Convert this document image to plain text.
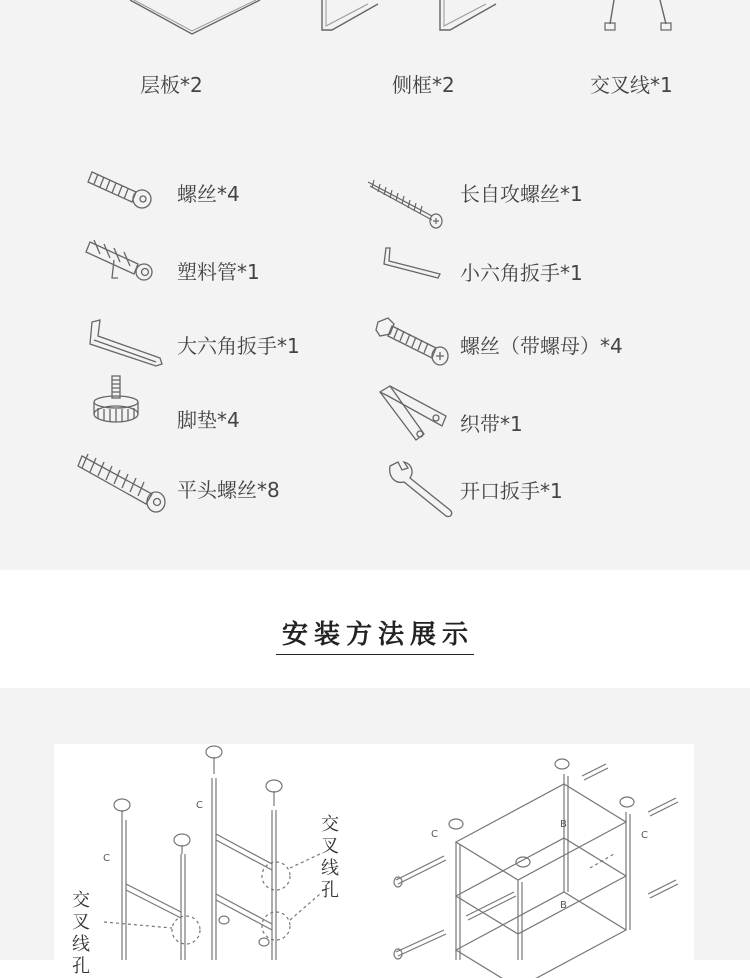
层板*2	侧框*2	交叉线*1
螺丝*4	长自攻螺丝*1
塑料管*1	小六角扳手*1
大六角扳手*1	螺丝（带螺母）*4
脚垫*4	织带*1
平头螺丝*8	开口扳手*1
安装方法展示
交叉线孔
交叉线孔
C
C
C	C
B
B
